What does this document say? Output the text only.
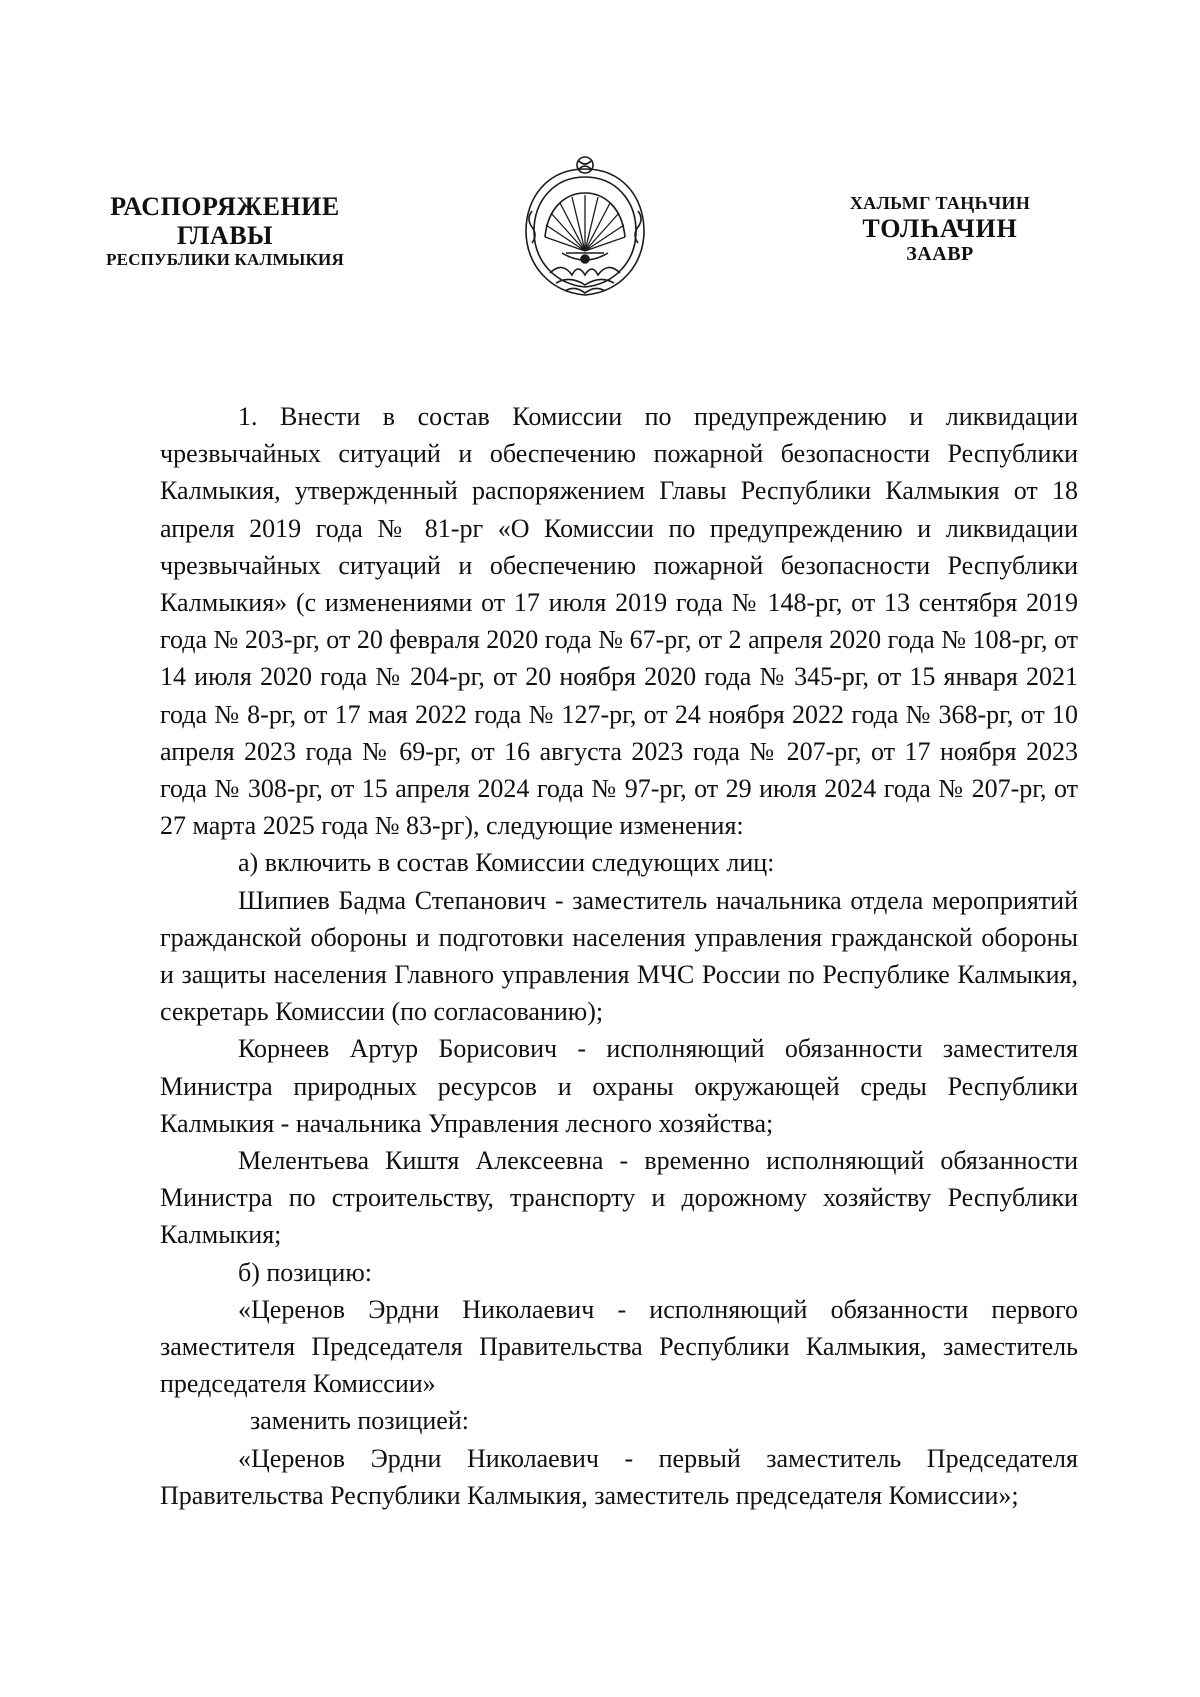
РАСПОРЯЖЕНИЕ
ГЛАВЫ
РЕСПУБЛИКИ КАЛМЫКИЯ
ХАЛЬМГ ТАҢҺЧИН
ТОЛҺАЧИН
ЗААВР

1. Внести в состав Комиссии по предупреждению и ликвидации чрезвычайных ситуаций и обеспечению пожарной безопасности Республики Калмыкия, утвержденный распоряжением Главы Республики Калмыкия от 18 апреля 2019 года № 81-рг «О Комиссии по предупреждению и ликвидации чрезвычайных ситуаций и обеспечению пожарной безопасности Республики Калмыкия» (с изменениями от 17 июля 2019 года № 148-рг, от 13 сентября 2019 года № 203-рг, от 20 февраля 2020 года № 67-рг, от 2 апреля 2020 года № 108-рг, от 14 июля 2020 года № 204-рг, от 20 ноября 2020 года № 345-рг, от 15 января 2021 года № 8-рг, от 17 мая 2022 года № 127-рг, от 24 ноября 2022 года № 368-рг, от 10 апреля 2023 года № 69-рг, от 16 августа 2023 года № 207-рг, от 17 ноября 2023 года № 308-рг, от 15 апреля 2024 года № 97-рг, от 29 июля 2024 года № 207-рг, от 27 марта 2025 года № 83-рг), следующие изменения:

а) включить в состав Комиссии следующих лиц:

Шипиев Бадма Степанович - заместитель начальника отдела мероприятий гражданской обороны и подготовки населения управления гражданской обороны и защиты населения Главного управления МЧС России по Республике Калмыкия, секретарь Комиссии (по согласованию);

Корнеев Артур Борисович - исполняющий обязанности заместителя Министра природных ресурсов и охраны окружающей среды Республики Калмыкия - начальника Управления лесного хозяйства;

Мелентьева Киштя Алексеевна - временно исполняющий обязанности Министра по строительству, транспорту и дорожному хозяйству Республики Калмыкия;

б) позицию:

«Церенов Эрдни Николаевич - исполняющий обязанности первого заместителя Председателя Правительства Республики Калмыкия, заместитель председателя Комиссии»

заменить позицией:

«Церенов Эрдни Николаевич - первый заместитель Председателя Правительства Республики Калмыкия, заместитель председателя Комиссии»;
